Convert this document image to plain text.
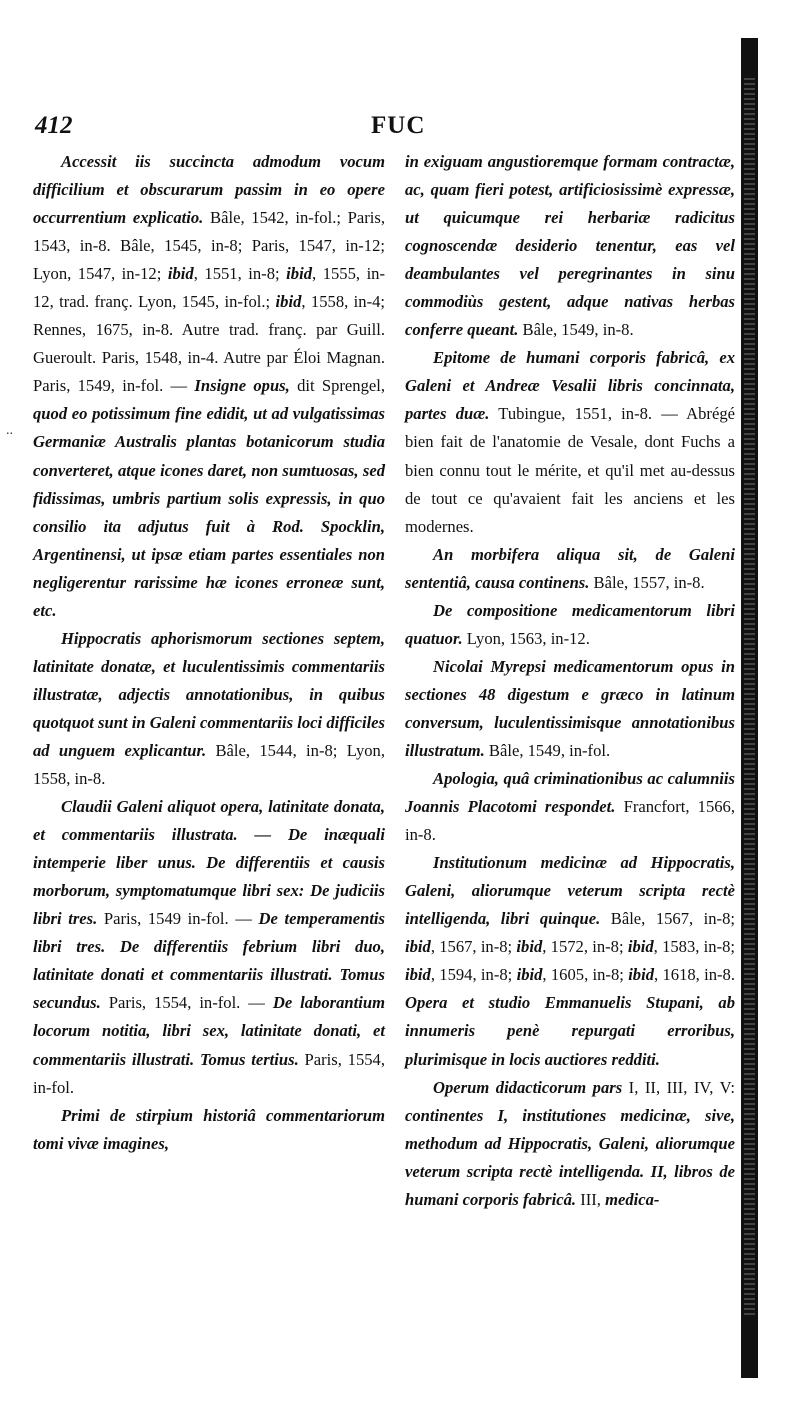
..
412	FUC

Accessit iis succincta admodum vocum difficilium et obscurarum passim in eo opere occurrentium explicatio. Bâle, 1542, in-fol.; Paris, 1543, in-8. Bâle, 1545, in-8; Paris, 1547, in-12; Lyon, 1547, in-12; ibid, 1551, in-8; ibid, 1555, in-12, trad. franç. Lyon, 1545, in-fol.; ibid, 1558, in-4; Rennes, 1675, in-8. Autre trad. franç. par Guill. Gueroult. Paris, 1548, in-4. Autre par Éloi Magnan. Paris, 1549, in-fol. — Insigne opus, dit Sprengel, quod eo potissimum fine edidit, ut ad vulgatissimas Germaniæ Australis plantas botanicorum studia converteret, atque icones daret, non sumtuosas, sed fidissimas, umbris partium solis expressis, in quo consilio ita adjutus fuit à Rod. Spocklin, Argentinensi, ut ipsæ etiam partes essentiales non negligerentur rarissime hæ icones erroneæ sunt, etc.

Hippocratis aphorismorum sectiones septem, latinitate donatæ, et luculentissimis commentariis illustratæ, adjectis annotationibus, in quibus quotquot sunt in Galeni commentariis loci difficiles ad unguem explicantur. Bâle, 1544, in-8; Lyon, 1558, in-8.

Claudii Galeni aliquot opera, latinitate donata, et commentariis illustrata. — De inæquali intemperie liber unus. De differentiis et causis morborum, symptomatumque libri sex: De judiciis libri tres. Paris, 1549 in-fol. — De temperamentis libri tres. De differentiis febrium libri duo, latinitate donati et commentariis illustrati. Tomus secundus. Paris, 1554, in-fol. — De laborantium locorum notitia, libri sex, latinitate donati, et commentariis illustrati. Tomus tertius. Paris, 1554, in-fol.

Primi de stirpium historiâ commentariorum tomi vivæ imagines,

in exiguam angustioremque formam contractæ, ac, quam fieri potest, artificiosissimè expressæ, ut quicumque rei herbariæ radicitus cognoscendæ desiderio tenentur, eas vel deambulantes vel peregrinantes in sinu commodiùs gestent, adque nativas herbas conferre queant. Bâle, 1549, in-8.

Epitome de humani corporis fabricâ, ex Galeni et Andreæ Vesalii libris concinnata, partes duæ. Tubingue, 1551, in-8. — Abrégé bien fait de l'anatomie de Vesale, dont Fuchs a bien connu tout le mérite, et qu'il met au-dessus de tout ce qu'avaient fait les anciens et les modernes.

An morbifera aliqua sit, de Galeni sententiâ, causa continens. Bâle, 1557, in-8.

De compositione medicamentorum libri quatuor. Lyon, 1563, in-12.

Nicolai Myrepsi medicamentorum opus in sectiones 48 digestum e græco in latinum conversum, luculentissimisque annotationibus illustratum. Bâle, 1549, in-fol.

Apologia, quâ criminationibus ac calumniis Joannis Placotomi respondet. Francfort, 1566, in-8.

Institutionum medicinæ ad Hippocratis, Galeni, aliorumque veterum scripta rectè intelligenda, libri quinque. Bâle, 1567, in-8; ibid, 1567, in-8; ibid, 1572, in-8; ibid, 1583, in-8; ibid, 1594, in-8; ibid, 1605, in-8; ibid, 1618, in-8. Opera et studio Emmanuelis Stupani, ab innumeris penè repurgati erroribus, plurimisque in locis auctiores redditi.

Operum didacticorum pars I, II, III, IV, V: continentes I, institutiones medicinæ, sive, methodum ad Hippocratis, Galeni, aliorumque veterum scripta rectè intelligenda. II, libros de humani corporis fabricâ. III, medica-
